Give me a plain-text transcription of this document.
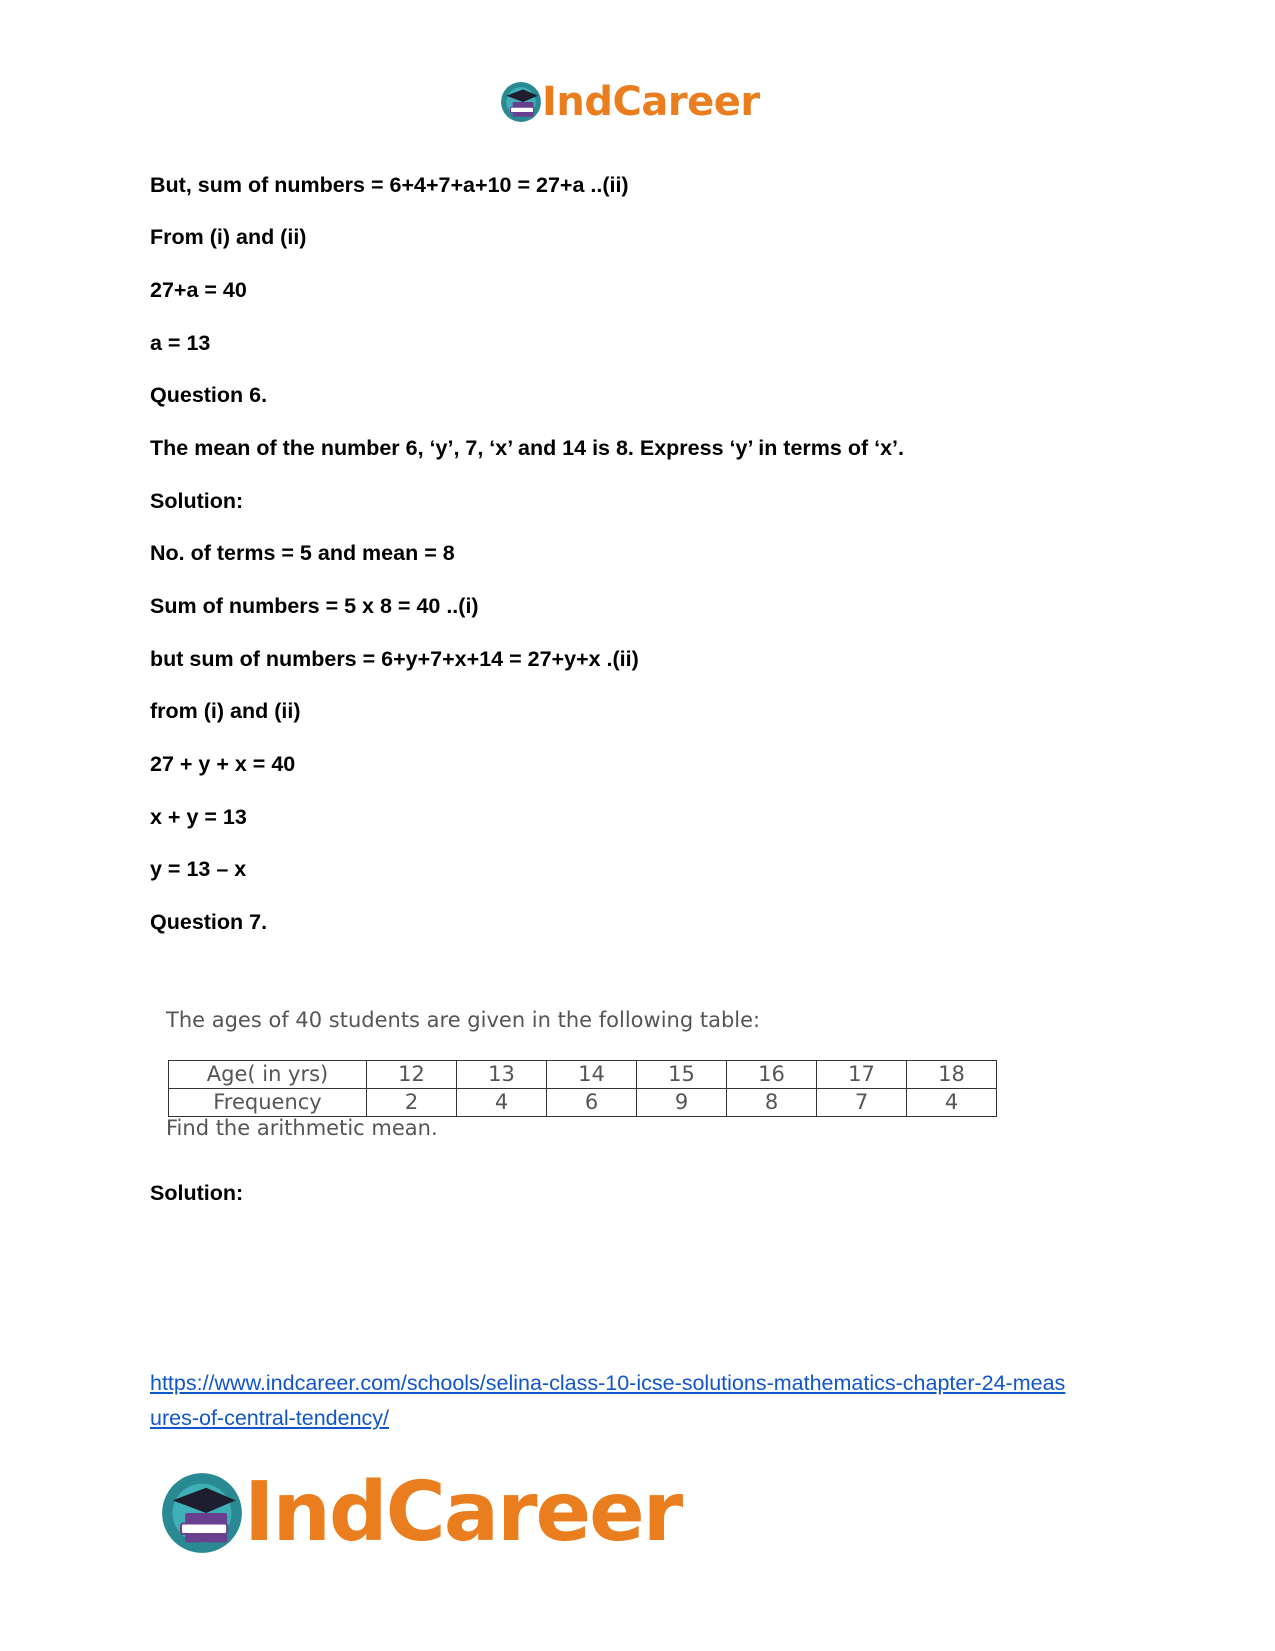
IndCareer
But, sum of numbers = 6+4+7+a+10 = 27+a ..(ii)
From (i) and (ii)
27+a = 40
a = 13
Question 6.
The mean of the number 6, ‘y’, 7, ‘x’ and 14 is 8. Express ‘y’ in terms of ‘x’.
Solution:
No. of terms = 5 and mean = 8
Sum of numbers = 5 x 8 = 40 ..(i)
but sum of numbers = 6+y+7+x+14 = 27+y+x .(ii)
from (i) and (ii)
27 + y + x = 40
x + y = 13
y = 13 – x
Question 7.
The ages of 40 students are given in the following table:
Age( in yrs)	12	13	14	15	16	17	18
Frequency	2	4	6	9	8	7	4
Find the arithmetic mean.
Solution:
https://www.indcareer.com/schools/selina-class-10-icse-solutions-mathematics-chapter-24-meas
ures-of-central-tendency/
IndCareer
